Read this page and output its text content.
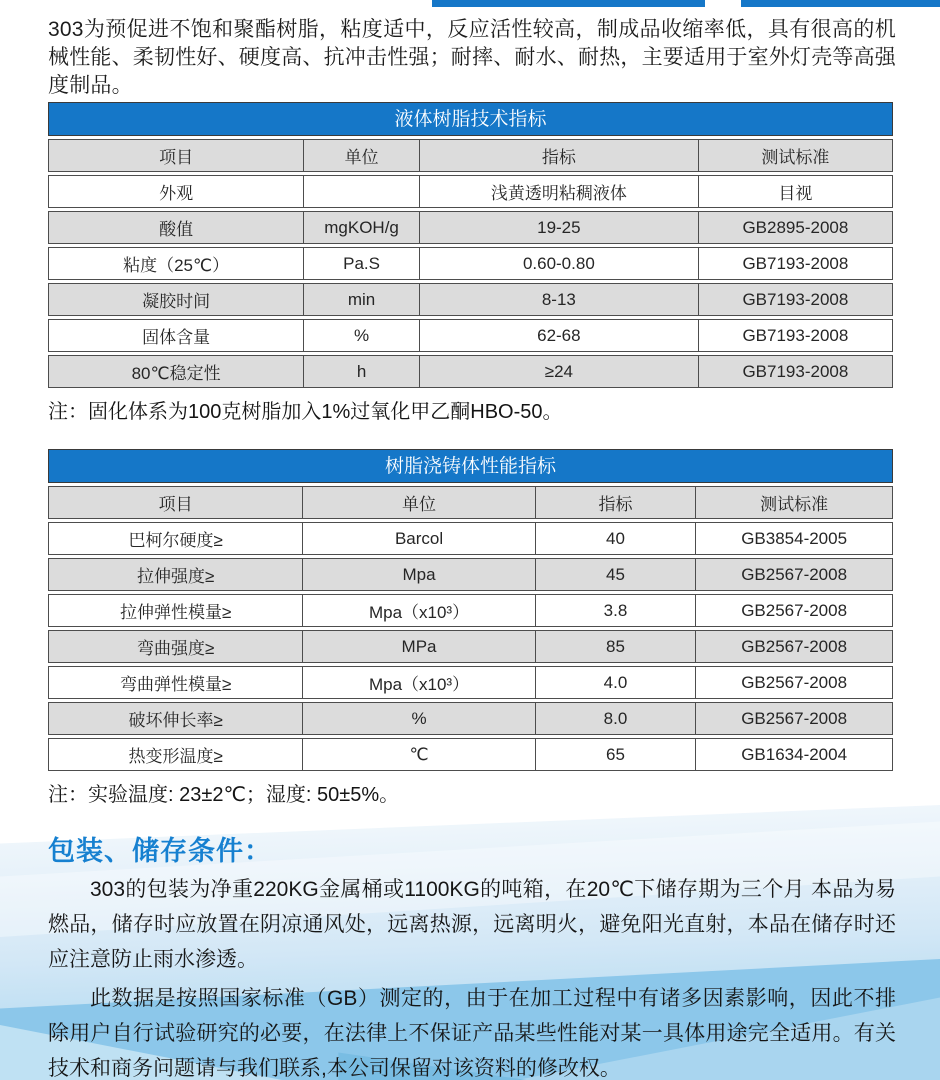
303为预促进不饱和聚酯树脂，粘度适中，反应活性较高，制成品收缩率低，具有很高的机械性能、柔韧性好、硬度高、抗冲击性强；耐摔、耐水、耐热，主要适用于室外灯壳等高强度制品。

液体树脂技术指标
项目	单位	指标	测试标准
外观		浅黄透明粘稠液体	目视
酸值	mgKOH/g	19-25	GB2895-2008
粘度（25℃）	Pa.S	0.60-0.80	GB7193-2008
凝胶时间	min	8-13	GB7193-2008
固体含量	%	62-68	GB7193-2008
80℃稳定性	h	≥24	GB7193-2008

注：固化体系为100克树脂加入1%过氧化甲乙酮HBO-50。

树脂浇铸体性能指标
项目	单位	指标	测试标准
巴柯尔硬度≥	Barcol	40	GB3854-2005
拉伸强度≥	Mpa	45	GB2567-2008
拉伸弹性模量≥	Mpa（x10³）	3.8	GB2567-2008
弯曲强度≥	MPa	85	GB2567-2008
弯曲弹性模量≥	Mpa（x10³）	4.0	GB2567-2008
破坏伸长率≥	%	8.0	GB2567-2008
热变形温度≥	℃	65	GB1634-2004

注：实验温度: 23±2℃；湿度: 50±5%。

包装、储存条件：

303的包装为净重220KG金属桶或1100KG的吨箱，在20℃下储存期为三个月 本品为易燃品，储存时应放置在阴凉通风处，远离热源，远离明火，避免阳光直射，本品在储存时还应注意防止雨水渗透。

此数据是按照国家标准（GB）测定的，由于在加工过程中有诸多因素影响，因此不排除用户自行试验研究的必要，在法律上不保证产品某些性能对某一具体用途完全适用。有关技术和商务问题请与我们联系,本公司保留对该资料的修改权。
